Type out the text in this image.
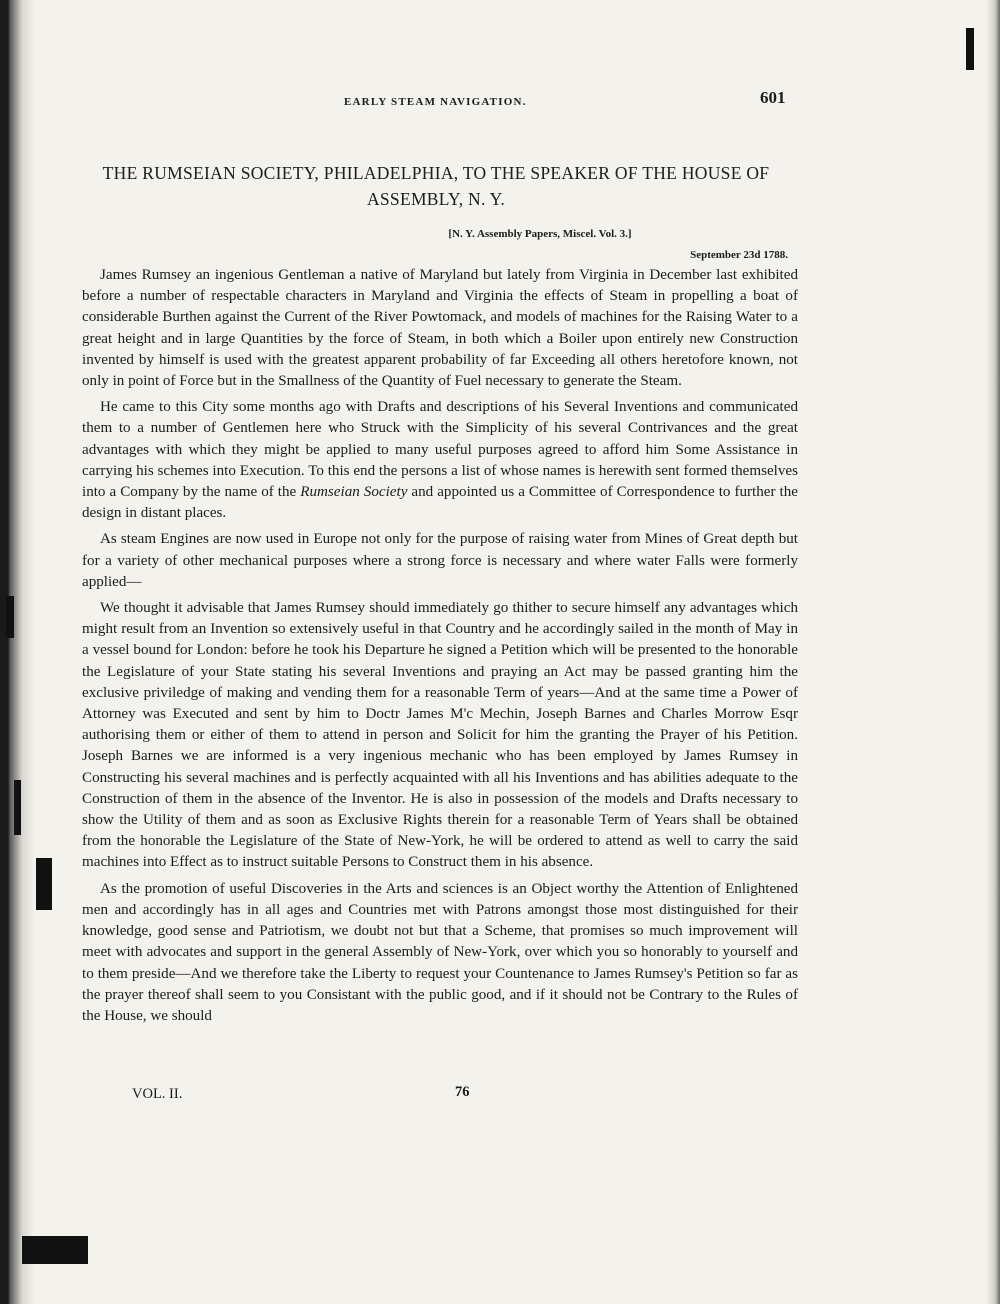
EARLY STEAM NAVIGATION.	601
THE RUMSEIAN SOCIETY, PHILADELPHIA, TO THE SPEAKER OF THE HOUSE OF ASSEMBLY, N. Y.
[N. Y. Assembly Papers, Miscel. Vol. 3.]
September 23d 1788.

James Rumsey an ingenious Gentleman a native of Maryland but lately from Virginia in December last exhibited before a number of respectable characters in Maryland and Virginia the effects of Steam in propelling a boat of considerable Burthen against the Current of the River Powtomack, and models of machines for the Raising Water to a great height and in large Quantities by the force of Steam, in both which a Boiler upon entirely new Construction invented by himself is used with the greatest apparent probability of far Exceeding all others heretofore known, not only in point of Force but in the Smallness of the Quantity of Fuel necessary to generate the Steam.

He came to this City some months ago with Drafts and descriptions of his Several Inventions and communicated them to a number of Gentlemen here who Struck with the Simplicity of his several Contrivances and the great advantages with which they might be applied to many useful purposes agreed to afford him Some Assistance in carrying his schemes into Execution. To this end the persons a list of whose names is herewith sent formed themselves into a Company by the name of the Rumseian Society and appointed us a Committee of Correspondence to further the design in distant places.

As steam Engines are now used in Europe not only for the purpose of raising water from Mines of Great depth but for a variety of other mechanical purposes where a strong force is necessary and where water Falls were formerly applied—

We thought it advisable that James Rumsey should immediately go thither to secure himself any advantages which might result from an Invention so extensively useful in that Country and he accordingly sailed in the month of May in a vessel bound for London: before he took his Departure he signed a Petition which will be presented to the honorable the Legislature of your State stating his several Inventions and praying an Act may be passed granting him the exclusive priviledge of making and vending them for a reasonable Term of years—And at the same time a Power of Attorney was Executed and sent by him to Doctr James M'c Mechin, Joseph Barnes and Charles Morrow Esqr authorising them or either of them to attend in person and Solicit for him the granting the Prayer of his Petition. Joseph Barnes we are informed is a very ingenious mechanic who has been employed by James Rumsey in Constructing his several machines and is perfectly acquainted with all his Inventions and has abilities adequate to the Construction of them in the absence of the Inventor. He is also in possession of the models and Drafts necessary to show the Utility of them and as soon as Exclusive Rights therein for a reasonable Term of Years shall be obtained from the honorable the Legislature of the State of New-York, he will be ordered to attend as well to carry the said machines into Effect as to instruct suitable Persons to Construct them in his absence.

As the promotion of useful Discoveries in the Arts and sciences is an Object worthy the Attention of Enlightened men and accordingly has in all ages and Countries met with Patrons amongst those most distinguished for their knowledge, good sense and Patriotism, we doubt not but that a Scheme, that promises so much improvement will meet with advocates and support in the general Assembly of New-York, over which you so honorably to yourself and to them preside—And we therefore take the Liberty to request your Countenance to James Rumsey's Petition so far as the prayer thereof shall seem to you Consistant with the public good, and if it should not be Contrary to the Rules of the House, we should

VOL. II.	76
